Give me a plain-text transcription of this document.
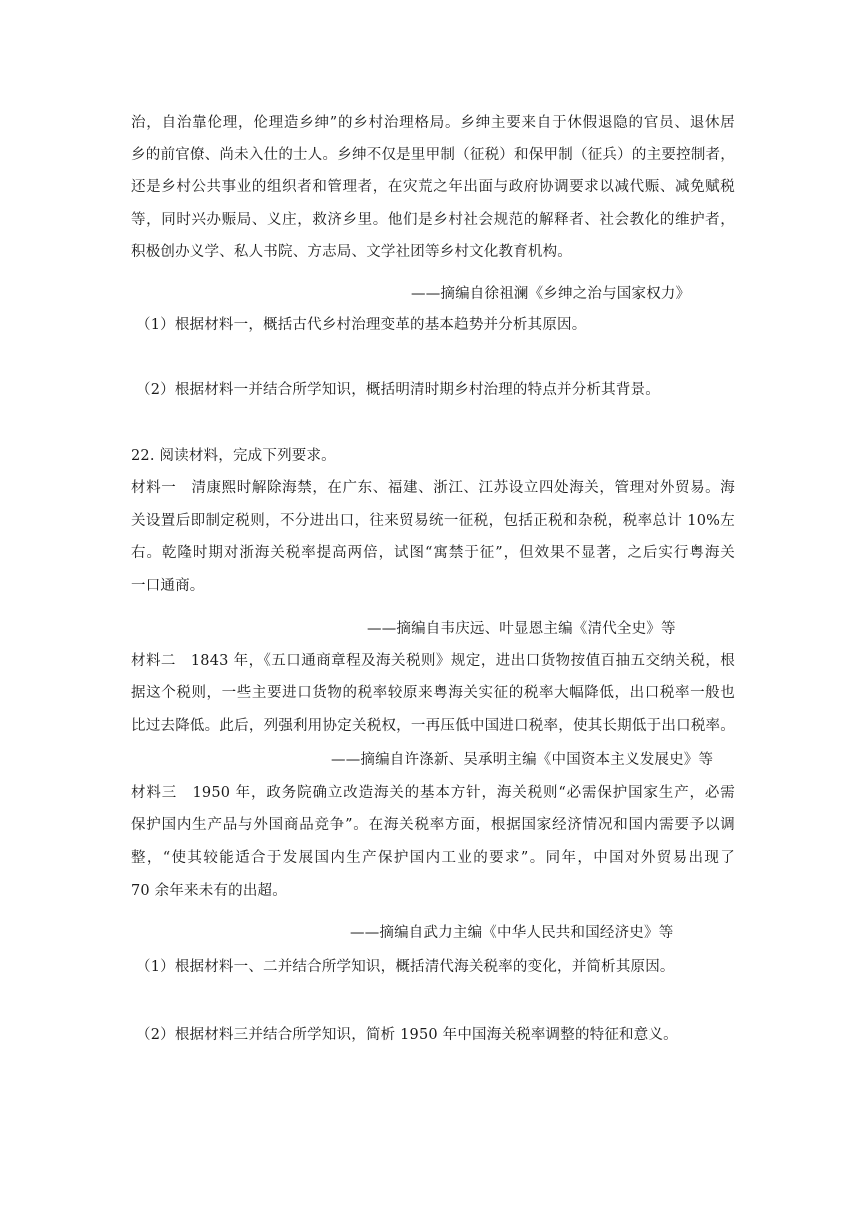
治，自治靠伦理，伦理造乡绅”的乡村治理格局。乡绅主要来自于休假退隐的官员、退休居
乡的前官僚、尚未入仕的士人。乡绅不仅是里甲制（征税）和保甲制（征兵）的主要控制者，
还是乡村公共事业的组织者和管理者，在灾荒之年出面与政府协调要求以减代赈、减免赋税
等，同时兴办赈局、义庄，救济乡里。他们是乡村社会规范的解释者、社会教化的维护者，
积极创办义学、私人书院、方志局、文学社团等乡村文化教育机构。
——摘编自徐祖澜《乡绅之治与国家权力》
（1）根据材料一，概括古代乡村治理变革的基本趋势并分析其原因。
（2）根据材料一并结合所学知识，概括明清时期乡村治理的特点并分析其背景。
22. 阅读材料，完成下列要求。
材料一　清康熙时解除海禁，在广东、福建、浙江、江苏设立四处海关，管理对外贸易。海
关设置后即制定税则，不分进出口，往来贸易统一征税，包括正税和杂税，税率总计 10%左
右。乾隆时期对浙海关税率提高两倍，试图“寓禁于征”，但效果不显著，之后实行粤海关
一口通商。
——摘编自韦庆远、叶显恩主编《清代全史》等
材料二　1843 年，《五口通商章程及海关税则》规定，进出口货物按值百抽五交纳关税，根
据这个税则，一些主要进口货物的税率较原来粤海关实征的税率大幅降低，出口税率一般也
比过去降低。此后，列强利用协定关税权，一再压低中国进口税率，使其长期低于出口税率。
——摘编自许涤新、吴承明主编《中国资本主义发展史》等
材料三　1950 年，政务院确立改造海关的基本方针，海关税则“必需保护国家生产，必需
保护国内生产品与外国商品竞争”。在海关税率方面，根据国家经济情况和国内需要予以调
整，“使其较能适合于发展国内生产保护国内工业的要求”。同年，中国对外贸易出现了
70 余年来未有的出超。
——摘编自武力主编《中华人民共和国经济史》等
（1）根据材料一、二并结合所学知识，概括清代海关税率的变化，并简析其原因。
（2）根据材料三并结合所学知识，简析 1950 年中国海关税率调整的特征和意义。
